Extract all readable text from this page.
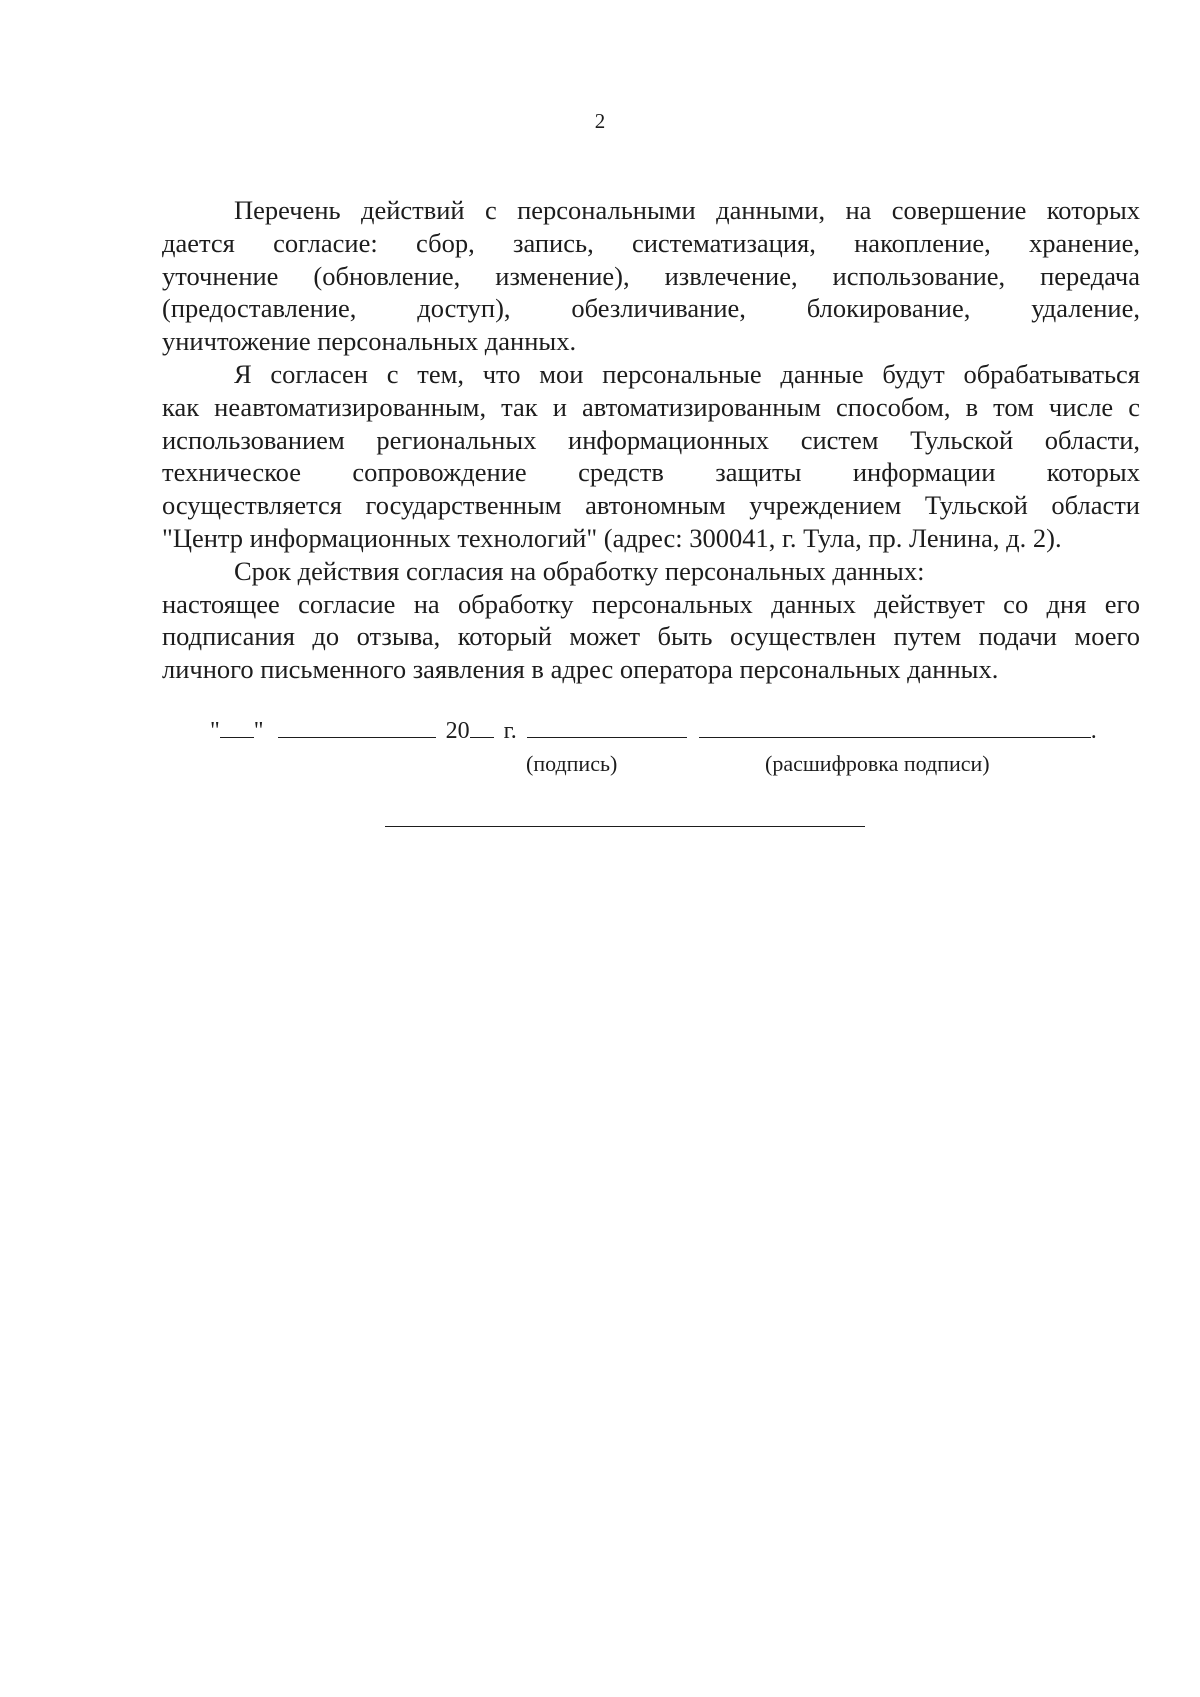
2
Перечень действий с персональными данными, на совершение которых
дается согласие: сбор, запись, систематизация, накопление, хранение,
уточнение (обновление, изменение), извлечение, использование, передача
(предоставление, доступ), обезличивание, блокирование, удаление,
уничтожение персональных данных.
Я согласен с тем, что мои персональные данные будут обрабатываться
как неавтоматизированным, так и автоматизированным способом, в том числе с
использованием региональных информационных систем Тульской области,
техническое сопровождение средств защиты информации которых
осуществляется государственным автономным учреждением Тульской области
"Центр информационных технологий" (адрес: 300041, г. Тула, пр. Ленина, д. 2).
Срок действия согласия на обработку персональных данных:
настоящее согласие на обработку персональных данных действует со дня его
подписания до отзыва, который может быть осуществлен путем подачи моего
личного письменного заявления в адрес оператора персональных данных.
" "	20 г.	.
(подпись)	(расшифровка подписи)
